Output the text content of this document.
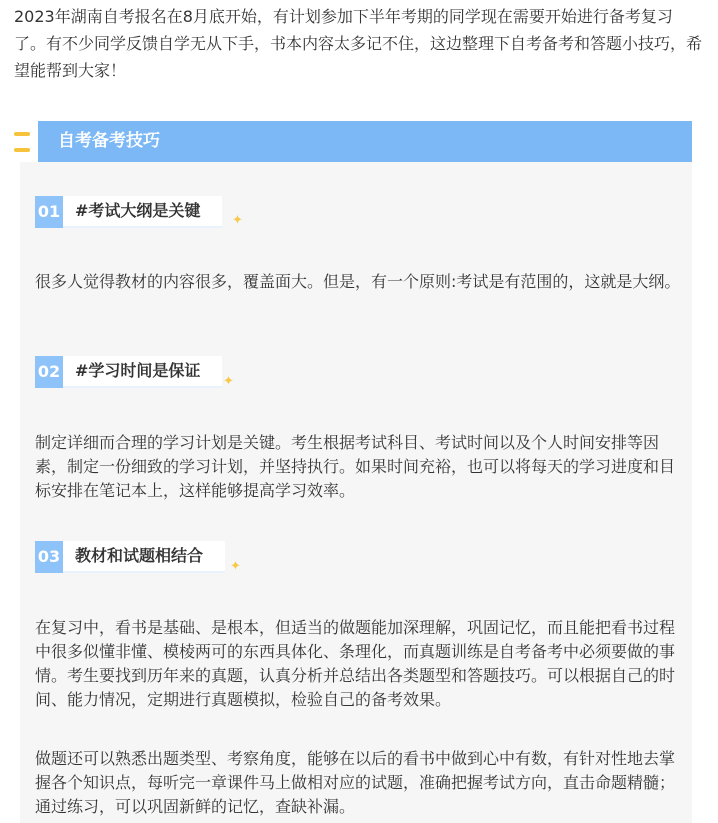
2023年湖南自考报名在8月底开始，有计划参加下半年考期的同学现在需要开始进行备考复习了。有不少同学反馈自学无从下手，书本内容太多记不住，这边整理下自考备考和答题小技巧，希望能帮到大家！

自考备考技巧
01 #考试大纲是关键
✦

很多人觉得教材的内容很多，覆盖面大。但是，有一个原则:考试是有范围的，这就是大纲。

02 #学习时间是保证
✦

制定详细而合理的学习计划是关键。考生根据考试科目、考试时间以及个人时间安排等因素，制定一份细致的学习计划，并坚持执行。如果时间充裕，也可以将每天的学习进度和目标安排在笔记本上，这样能够提高学习效率。

03 教材和试题相结合
✦

在复习中，看书是基础、是根本，但适当的做题能加深理解，巩固记忆，而且能把看书过程中很多似懂非懂、模棱两可的东西具体化、条理化，而真题训练是自考备考中必须要做的事情。考生要找到历年来的真题，认真分析并总结出各类题型和答题技巧。可以根据自己的时间、能力情况，定期进行真题模拟，检验自己的备考效果。

做题还可以熟悉出题类型、考察角度，能够在以后的看书中做到心中有数，有针对性地去掌握各个知识点，每听完一章课件马上做相对应的试题，准确把握考试方向，直击命题精髓；通过练习，可以巩固新鲜的记忆，查缺补漏。
